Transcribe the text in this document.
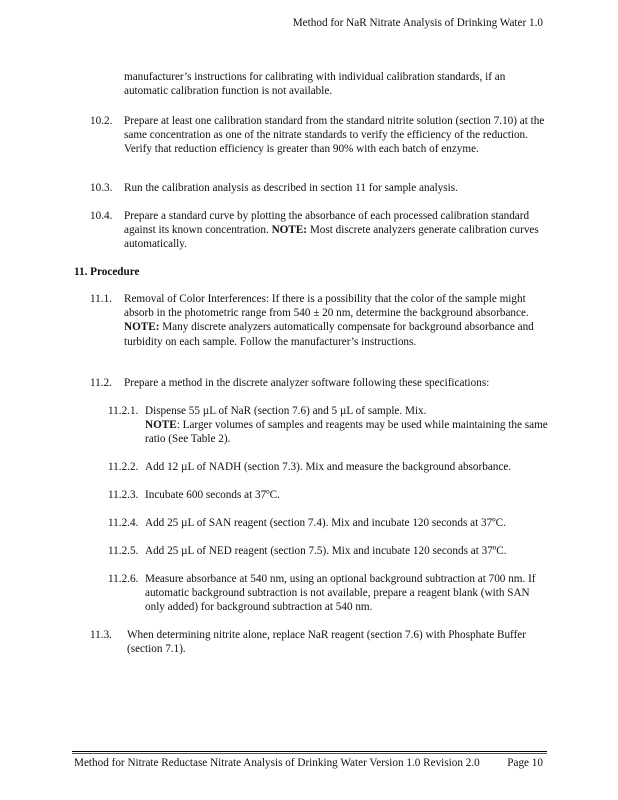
Method for NaR Nitrate Analysis of Drinking Water 1.0
manufacturer’s instructions for calibrating with individual calibration standards, if an automatic calibration function is not available.
10.2. Prepare at least one calibration standard from the standard nitrite solution (section 7.10) at the same concentration as one of the nitrate standards to verify the efficiency of the reduction. Verify that reduction efficiency is greater than 90% with each batch of enzyme.
10.3. Run the calibration analysis as described in section 11 for sample analysis.
10.4. Prepare a standard curve by plotting the absorbance of each processed calibration standard against its known concentration. NOTE: Most discrete analyzers generate calibration curves automatically.
11. Procedure
11.1. Removal of Color Interferences: If there is a possibility that the color of the sample might absorb in the photometric range from 540 ± 20 nm, determine the background absorbance. NOTE: Many discrete analyzers automatically compensate for background absorbance and turbidity on each sample. Follow the manufacturer’s instructions.
11.2. Prepare a method in the discrete analyzer software following these specifications:
11.2.1. Dispense 55 µL of NaR (section 7.6) and 5 µL of sample. Mix.
NOTE: Larger volumes of samples and reagents may be used while maintaining the same ratio (See Table 2).
11.2.2. Add 12 µL of NADH (section 7.3). Mix and measure the background absorbance.
11.2.3. Incubate 600 seconds at 37ºC.
11.2.4. Add 25 µL of SAN reagent (section 7.4). Mix and incubate 120 seconds at 37ºC.
11.2.5. Add 25 µL of NED reagent (section 7.5). Mix and incubate 120 seconds at 37ºC.
11.2.6. Measure absorbance at 540 nm, using an optional background subtraction at 700 nm. If automatic background subtraction is not available, prepare a reagent blank (with SAN only added) for background subtraction at 540 nm.
11.3. When determining nitrite alone, replace NaR reagent (section 7.6) with Phosphate Buffer (section 7.1).
Method for Nitrate Reductase Nitrate Analysis of Drinking Water Version 1.0 Revision 2.0 Page 10
